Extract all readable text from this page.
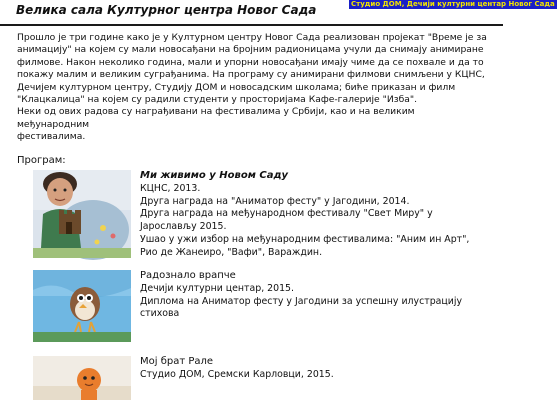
Велика сала Културног центра Новог Сада	Студио ДОМ, Дечији културни центар Новог Сада

Прошло је три године како је у Културном центру Новог Сада реализован пројекат "Време је за
анимацију" на којем су мали новосађани на бројним радионицама учули да снимају анимиране
филмове. Након неколико година, мали и упорни новосађани имају чиме да се похвале и да то
покажу малим и великим суграђанима. На програму су анимирани филмови снимљени у КЦНС,
Дечијем културном центру, Студију ДОМ и новосадским школама; биће приказан и филм
"Клацкалица" на којем су радили студенти у просторијама Кафе-галерије "Изба".
Неки од ових радова су награђивани на фестивалима у Србији, као и на великим међународним
фестивалима.

Програм:
Ми живимо у Новом Саду
КЦНС, 2013.
Друга награда на "Аниматор фесту" у Јагодини, 2014.
Друга награда на међународном фестивалу "Свет Миру" у
Јарослављу 2015.
Ушао у ужи избор на међународним фестивалима: "Аним ин Арт",
Рио де Жанеиро, "Вафи", Вараждин.
Радознало врапче
Дечији културни центар, 2015.
Диплома на Аниматор фесту у Јагодини за успешну илустрацију
стихова
Мој брат Рале
Студио ДОМ, Сремски Карловци, 2015.
